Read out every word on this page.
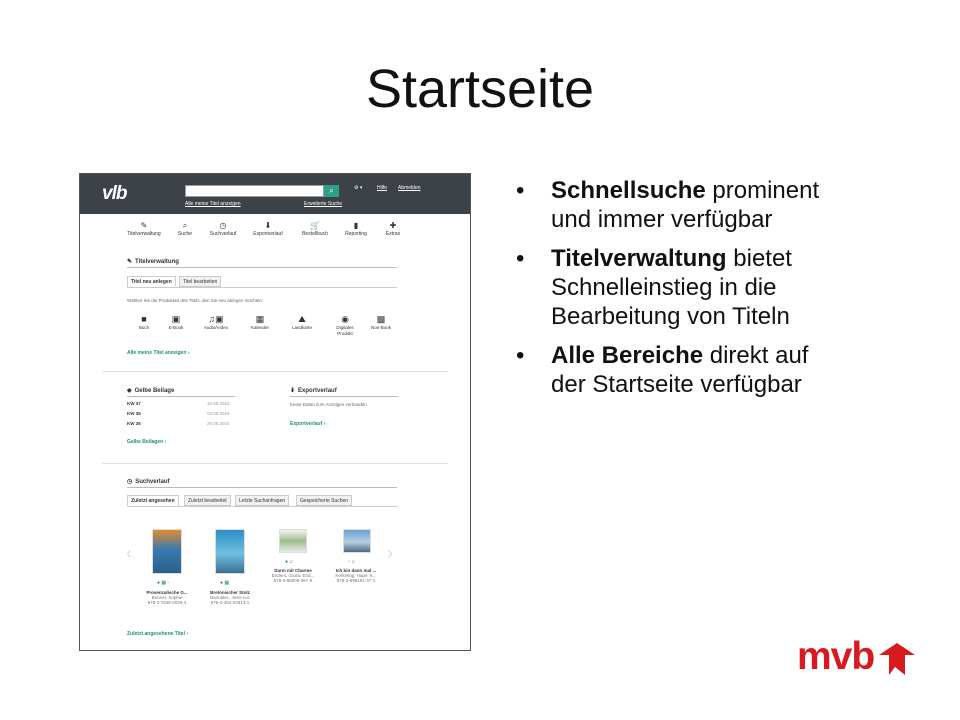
Startseite
vlb	⌕
Alle meine Titel anzeigen	Erweiterte Suche
⚙ ▾	Hilfe Abmelden
✎
Titelverwaltung
⌕
Suche
◷
Suchverlauf
⬇
Exportverlauf
🛒
Bestellbuch
▮
Reporting
✚
Extras
✎ Titelverwaltung
Titel neu anlegen	Titel bearbeiten
Wählen Sie die Produktart des Titels, den Sie neu anlegen möchten:
■
Buch
▣
E-Book
♫▣
Audio/Video
▦
Kalender
⛰
Landkarte
◉
Digitales
Produkt
▩
Non-Book
Alle meine Titel anzeigen ›
◆ Gelbe Beilage
KW 37	10.09.2015
KW 36	03.09.2015
KW 35	28.08.2015
Gelbe Beilagen ›
⬇ Exportverlauf
Keine Daten zum Anzeigen vorhanden
Exportverlauf ›
◷ Suchverlauf
Zuletzt angesehen	Zuletzt bearbeitet	Letzte Suchanfragen	Gespeicherte Suchen
‹	›
● ▦ ▫	● ▦
● ♫	▫ ♫
Provenzalische G...
Bonnet, Sophie
978-3-7645-0039-4
Bretonischer Stolz
Bannalec, Jean-Luc
978-3-462-04813-1
Darm mit Charme
Enders, Giulia; End...
978-3-86806-367-9
Ich bin dann mal ...
Kerkeling, Hape; K...
978-3-898191-37-1
Zuletzt angesehene Titel ›
• Schnellsuche prominent und immer verfügbar
• Titelverwaltung bietet Schnelleinstieg in die Bearbeitung von Titeln
• Alle Bereiche direkt auf der Startseite verfügbar
mvb
